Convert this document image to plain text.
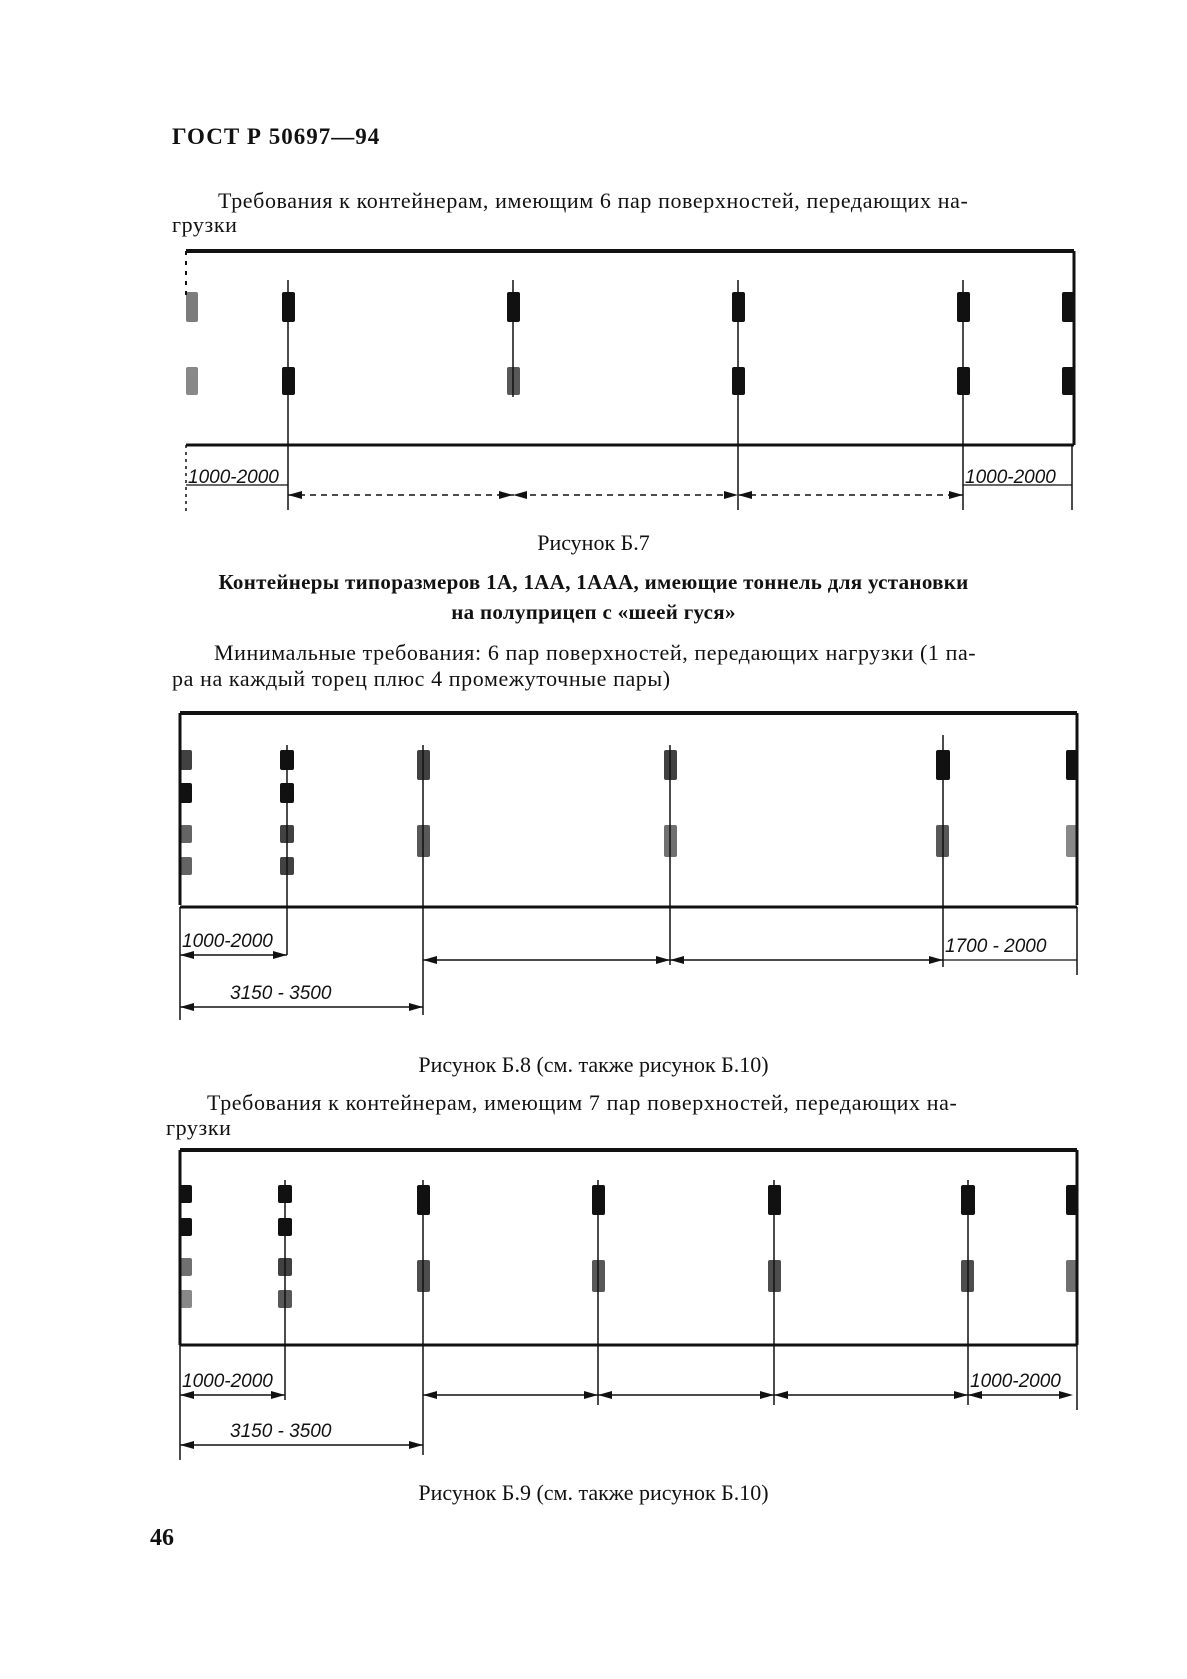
ГОСТ Р 50697—94
Требования к контейнерам, имеющим 6 пар поверхностей, передающих на-
грузки
1000-2000	1000-2000
Рисунок Б.7
Контейнеры типоразмеров 1А, 1АА, 1ААА, имеющие тоннель для установки
на полуприцеп с «шеей гуся»
Минимальные требования: 6 пар поверхностей, передающих нагрузки (1 па-
ра на каждый торец плюс 4 промежуточные пары)
1000-2000
3150 - 3500
1700 - 2000
Рисунок Б.8 (см. также рисунок Б.10)
Требования к контейнерам, имеющим 7 пар поверхностей, передающих на-
грузки
1000-2000
3150 - 3500
1000-2000
Рисунок Б.9 (см. также рисунок Б.10)
46
